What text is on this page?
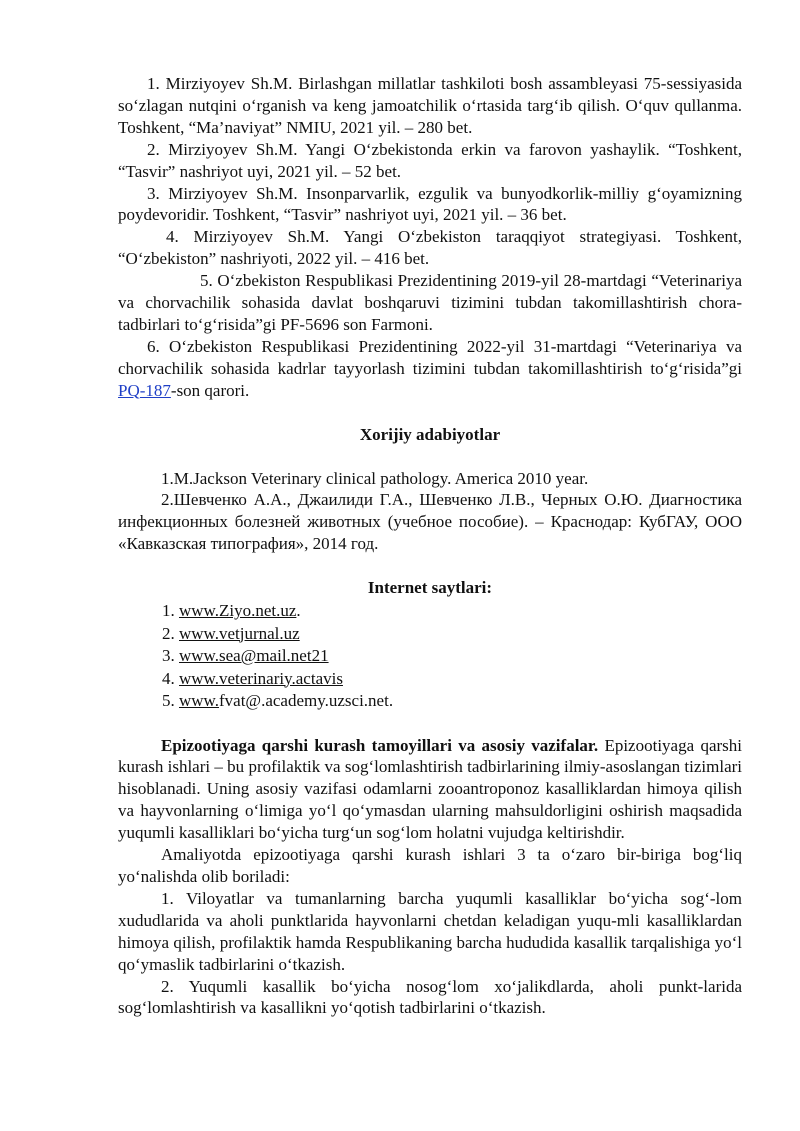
1. Mirziyoyev Sh.M. Birlashgan millatlar tashkiloti bosh assambleyasi 75-sessiyasida so‘zlagan nutqini o‘rganish va keng jamoatchilik o‘rtasida targ‘ib qilish. O‘quv qullanma. Toshkent, “Ma’naviyat” NMIU, 2021 yil. – 280 bet.

2. Mirziyoyev Sh.M. Yangi O‘zbekistonda erkin va farovon yashaylik. “Toshkent, “Tasvir” nashriyot uyi, 2021 yil. – 52 bet.

3. Mirziyoyev Sh.M. Insonparvarlik, ezgulik va bunyodkorlik-milliy g‘oyamizning poydevoridir. Toshkent, “Tasvir” nashriyot uyi, 2021 yil. – 36 bet.

4. Mirziyoyev Sh.M. Yangi O‘zbekiston taraqqiyot strategiyasi. Toshkent, “O‘zbekiston” nashriyoti, 2022 yil. – 416 bet.

5. O‘zbekiston Respublikasi Prezidentining 2019-yil 28-martdagi “Veterinariya va chorvachilik sohasida davlat boshqaruvi tizimini tubdan takomillashtirish chora-tadbirlari to‘g‘risida”gi PF-5696 son Farmoni.

6. O‘zbekiston Respublikasi Prezidentining 2022-yil 31-martdagi “Veterinariya va chorvachilik sohasida kadrlar tayyorlash tizimini tubdan takomillashtirish to‘g‘risida”gi PQ-187-son qarori.

Xorijiy adabiyotlar

1.M.Jackson Veterinary clinical pathology. America 2010 year.

2.Шевченко А.А., Джаилиди Г.А., Шевченко Л.В., Черных О.Ю. Диагностика инфекционных болезней животных (учебное пособие). – Краснодар: КубГАУ, ООО «Кавказская типография», 2014 год.

Internet saytlari:

1. www.Ziyo.net.uz.
2. www.vetjurnal.uz
3. www.sea@mail.net21
4. www.veterinariy.actavis
5. www.fvat@.academy.uzsci.net.

Epizootiyaga qarshi kurash tamoyillari va asosiy vazifalar. Epizootiyaga qarshi kurash ishlari – bu profilaktik va sog‘lomlashtirish tadbirlarining ilmiy-asoslangan tizimlari hisoblanadi. Uning asosiy vazifasi odamlarni zooantroponoz kasalliklardan himoya qilish va hayvonlarning o‘limiga yo‘l qo‘ymasdan ularning mahsuldorligini oshirish maqsadida yuqumli kasalliklari bo‘yicha turg‘un sog‘lom holatni vujudga keltirishdir.

Amaliyotda epizootiyaga qarshi kurash ishlari 3 ta o‘zaro bir-biriga bog‘liq yo‘nalishda olib boriladi:

1. Viloyatlar va tumanlarning barcha yuqumli kasalliklar bo‘yicha sog‘-lom xududlarida va aholi punktlarida hayvonlarni chetdan keladigan yuqu-mli kasalliklardan himoya qilish, profilaktik hamda Respublikaning barcha hududida kasallik tarqalishiga yo‘l qo‘ymaslik tadbirlarini o‘tkazish.

2. Yuqumli kasallik bo‘yicha nosog‘lom xo‘jalikdlarda, aholi punkt-larida sog‘lomlashtirish va kasallikni yo‘qotish tadbirlarini o‘tkazish.
